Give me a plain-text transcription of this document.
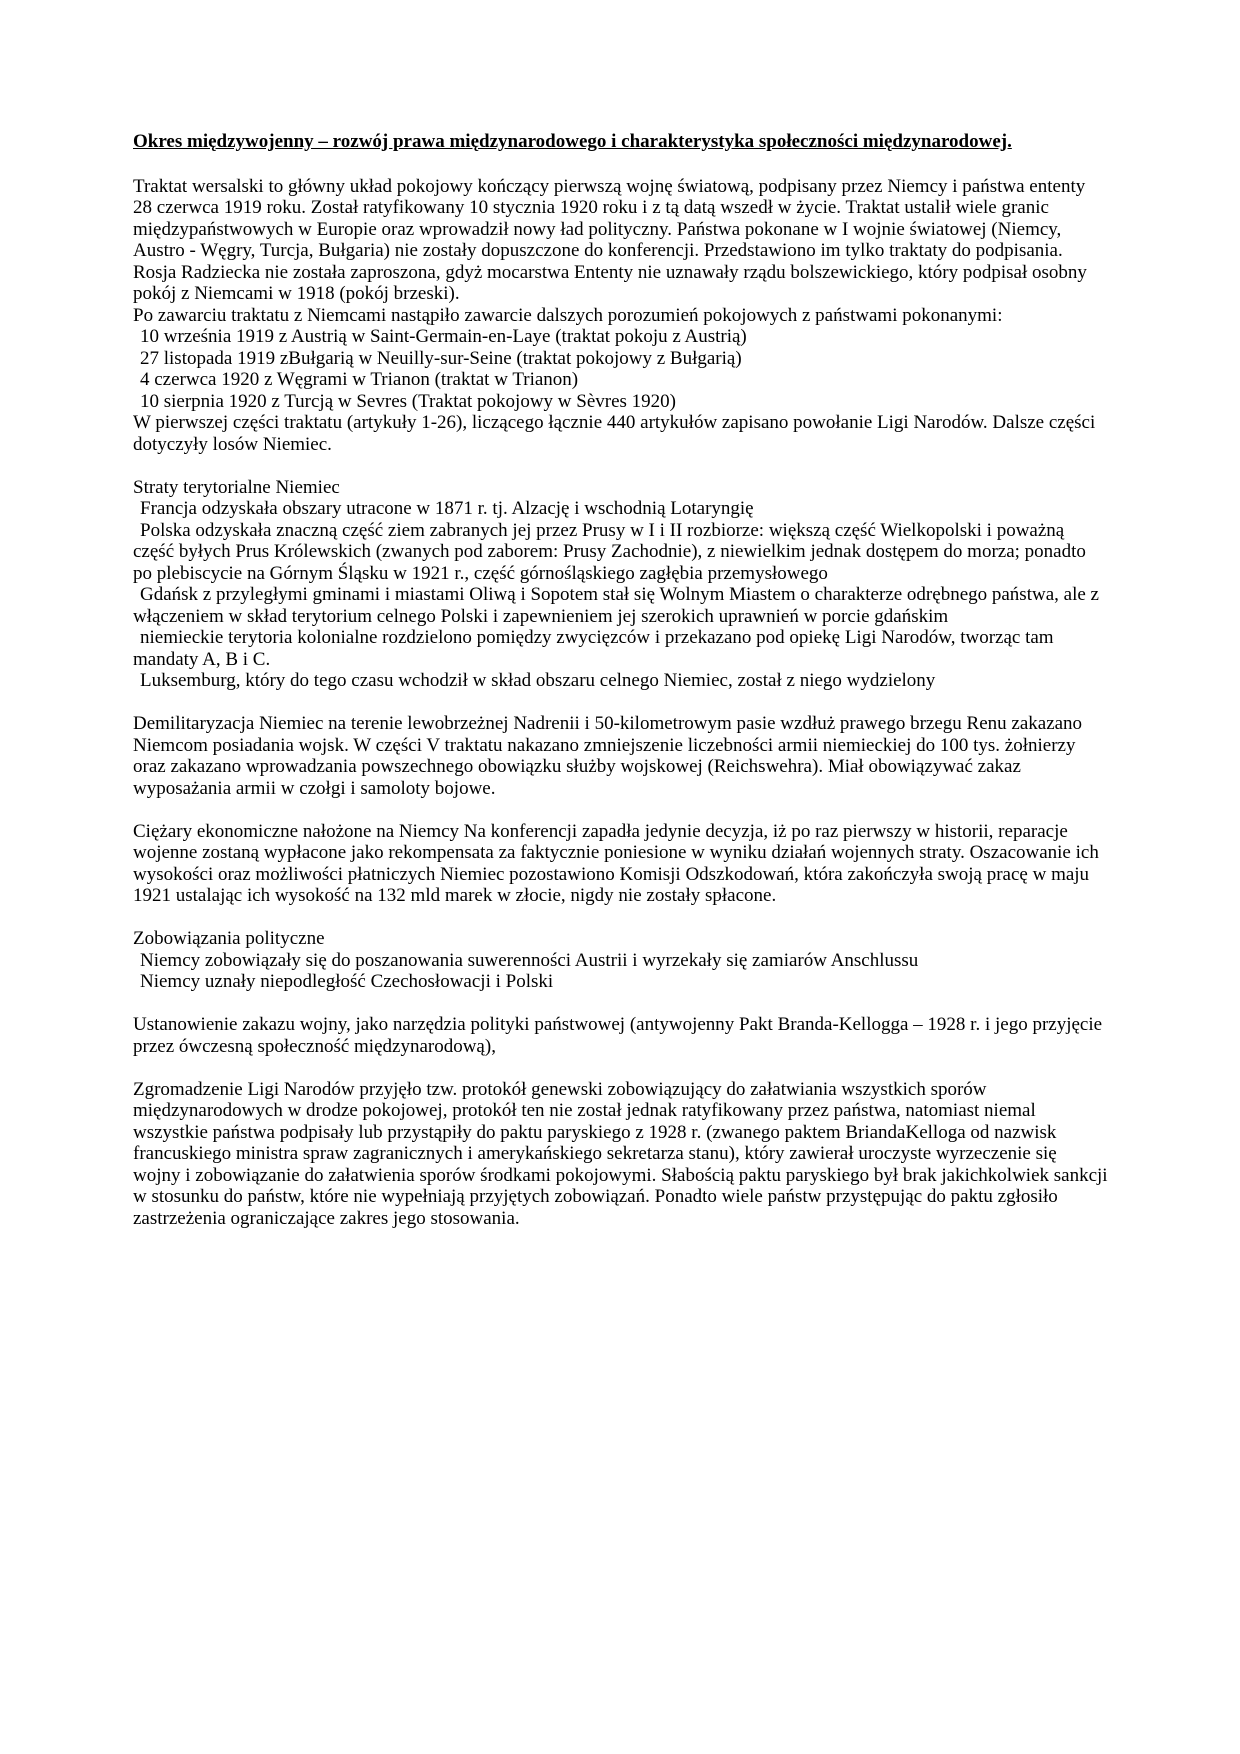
Okres międzywojenny – rozwój prawa międzynarodowego i charakterystyka społeczności międzynarodowej.

Traktat wersalski to główny układ pokojowy kończący pierwszą wojnę światową, podpisany przez Niemcy i państwa ententy 28 czerwca 1919 roku. Został ratyfikowany 10 stycznia 1920 roku i z tą datą wszedł w życie. Traktat ustalił wiele granic międzypaństwowych w Europie oraz wprowadził nowy ład polityczny. Państwa pokonane w I wojnie światowej (Niemcy, Austro - Węgry, Turcja, Bułgaria) nie zostały dopuszczone do konferencji. Przedstawiono im tylko traktaty do podpisania. Rosja Radziecka nie została zaproszona, gdyż mocarstwa Ententy nie uznawały rządu bolszewickiego, który podpisał osobny pokój z Niemcami w 1918 (pokój brzeski).

Po zawarciu traktatu z Niemcami nastąpiło zawarcie dalszych porozumień pokojowych z państwami pokonanymi:

10 września 1919 z Austrią w Saint-Germain-en-Laye (traktat pokoju z Austrią)

27 listopada 1919 zBułgarią w Neuilly-sur-Seine (traktat pokojowy z Bułgarią)

4 czerwca 1920 z Węgrami w Trianon (traktat w Trianon)

10 sierpnia 1920 z Turcją w Sevres (Traktat pokojowy w Sèvres 1920)

W pierwszej części traktatu (artykuły 1-26), liczącego łącznie 440 artykułów zapisano powołanie Ligi Narodów. Dalsze części dotyczyły losów Niemiec.

Straty terytorialne Niemiec

Francja odzyskała obszary utracone w 1871 r. tj. Alzację i wschodnią Lotaryngię

Polska odzyskała znaczną część ziem zabranych jej przez Prusy w I i II rozbiorze: większą część Wielkopolski i poważną część byłych Prus Królewskich (zwanych pod zaborem: Prusy Zachodnie), z niewielkim jednak dostępem do morza; ponadto po plebiscycie na Górnym Śląsku w 1921 r., część górnośląskiego zagłębia przemysłowego

Gdańsk z przyległymi gminami i miastami Oliwą i Sopotem stał się Wolnym Miastem o charakterze odrębnego państwa, ale z włączeniem w skład terytorium celnego Polski i zapewnieniem jej szerokich uprawnień w porcie gdańskim

niemieckie terytoria kolonialne rozdzielono pomiędzy zwycięzców i przekazano pod opiekę Ligi Narodów, tworząc tam mandaty A, B i C.

Luksemburg, który do tego czasu wchodził w skład obszaru celnego Niemiec, został z niego wydzielony

Demilitaryzacja Niemiec na terenie lewobrzeżnej Nadrenii i 50-kilometrowym pasie wzdłuż prawego brzegu Renu zakazano Niemcom posiadania wojsk. W części V traktatu nakazano zmniejszenie liczebności armii niemieckiej do 100 tys. żołnierzy oraz zakazano wprowadzania powszechnego obowiązku służby wojskowej (Reichswehra). Miał obowiązywać zakaz wyposażania armii w czołgi i samoloty bojowe.

Ciężary ekonomiczne nałożone na Niemcy Na konferencji zapadła jedynie decyzja, iż po raz pierwszy w historii, reparacje wojenne zostaną wypłacone jako rekompensata za faktycznie poniesione w wyniku działań wojennych straty. Oszacowanie ich wysokości oraz możliwości płatniczych Niemiec pozostawiono Komisji Odszkodowań, która zakończyła swoją pracę w maju 1921 ustalając ich wysokość na 132 mld marek w złocie, nigdy nie zostały spłacone.

Zobowiązania polityczne

Niemcy zobowiązały się do poszanowania suwerenności Austrii i wyrzekały się zamiarów Anschlussu

Niemcy uznały niepodległość Czechosłowacji i Polski

Ustanowienie zakazu wojny, jako narzędzia polityki państwowej (antywojenny Pakt Branda-Kellogga – 1928 r. i jego przyjęcie przez ówczesną społeczność międzynarodową),

Zgromadzenie Ligi Narodów przyjęło tzw. protokół genewski zobowiązujący do załatwiania wszystkich sporów międzynarodowych w drodze pokojowej, protokół ten nie został jednak ratyfikowany przez państwa, natomiast niemal wszystkie państwa podpisały lub przystąpiły do paktu paryskiego z 1928 r. (zwanego paktem BriandaKelloga od nazwisk francuskiego ministra spraw zagranicznych i amerykańskiego sekretarza stanu), który zawierał uroczyste wyrzeczenie się wojny i zobowiązanie do załatwienia sporów środkami pokojowymi. Słabością paktu paryskiego był brak jakichkolwiek sankcji w stosunku do państw, które nie wypełniają przyjętych zobowiązań. Ponadto wiele państw przystępując do paktu zgłosiło zastrzeżenia ograniczające zakres jego stosowania.
